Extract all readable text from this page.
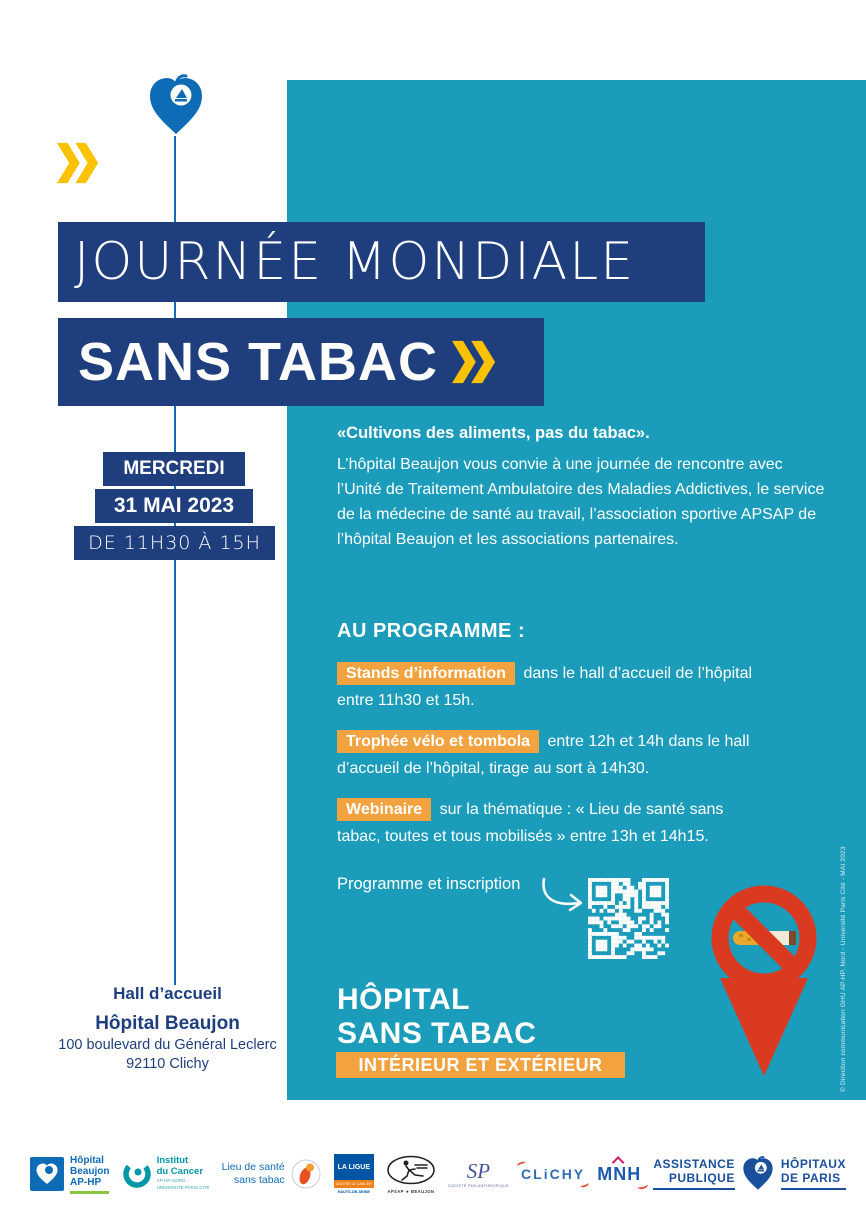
JOURNÉE MONDIALE
SANS TABAC
MERCREDI
31 MAI 2023
DE 11H30 À 15H
«Cultivons des aliments, pas du tabac».
L’hôpital Beaujon vous convie à une journée de rencontre avec l’Unité de Traitement Ambulatoire des Maladies Addictives, le service de la médecine de santé au travail, l’association sportive APSAP de l’hôpital Beaujon et les associations partenaires.
AU PROGRAMME :

Stands d’information dans le hall d’accueil de l’hôpital entre 11h30 et 15h.

Trophée vélo et tombola entre 12h et 14h dans le hall d’accueil de l’hôpital, tirage au sort à 14h30.

Webinaire sur la thématique : « Lieu de santé sans tabac, toutes et tous mobilisés » entre 13h et 14h15.

Programme et inscription
HÔPITAL
SANS TABAC
INTÉRIEUR ET EXTÉRIEUR	© Direction communication GHU AP-HP. Nord - Université Paris Cité - MAI 2023
Hall d’accueil
Hôpital Beaujon
100 boulevard du Général Leclerc
92110 Clichy
Hôpital
Beaujon
AP-HP
Institut
du Cancer
AP-HP. NORD
UNIVERSITÉ PARIS CITÉ
Lieu de santé
sans tabac
LA LIGUE
CONTRE LE CANCER
HAUTS-DE-SEINE	APSAP ★ BEAUJON
SP
SOCIÉTÉ PHILANTHROPIQUE
CLiCHY MNH ASSISTANCE
PUBLIQUE
HÔPITAUX
DE PARIS
